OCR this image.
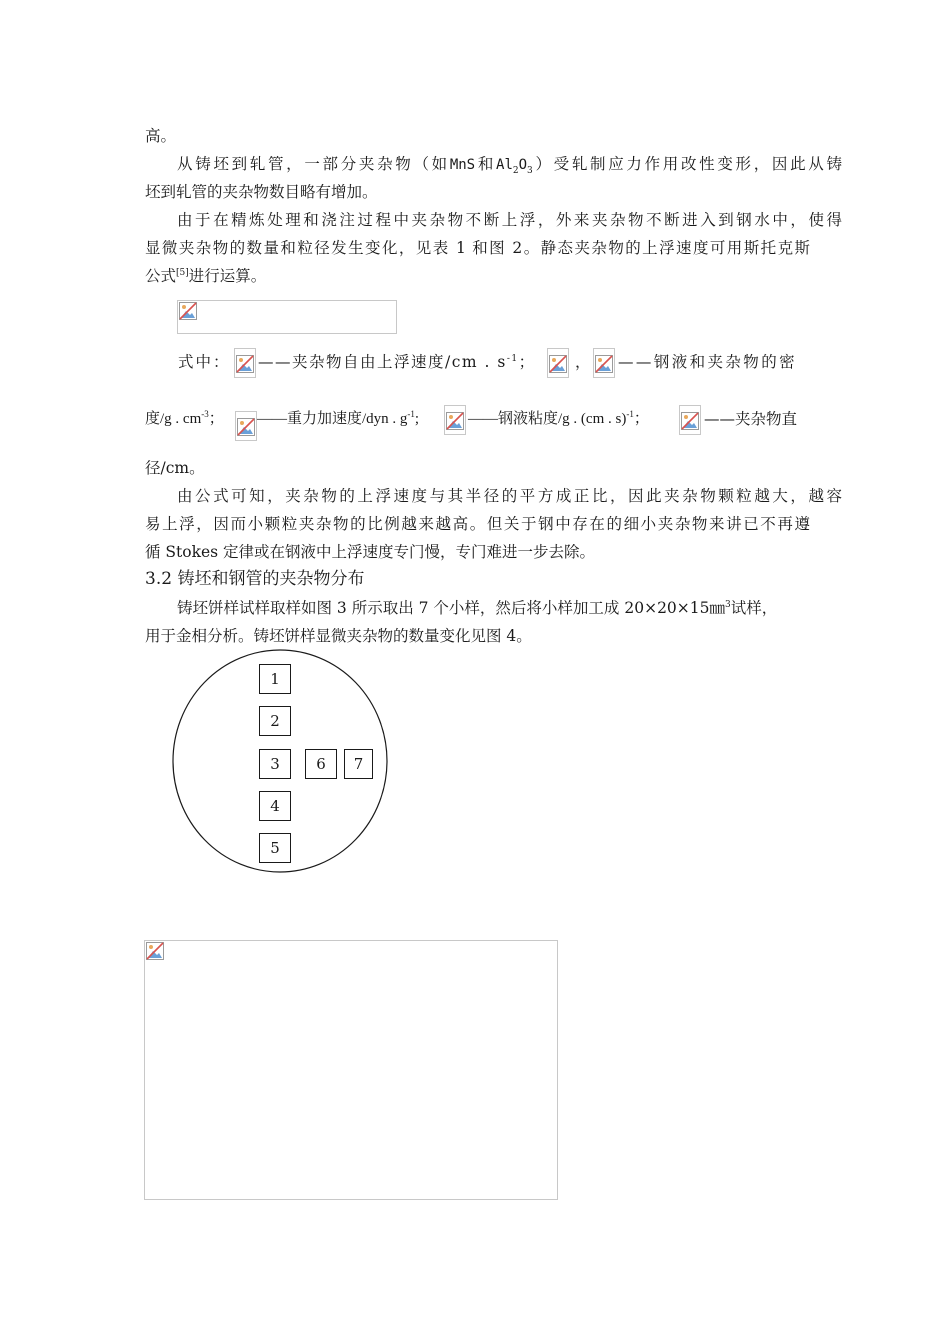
高。
从铸坯到轧管，一部分夹杂物（如MnS和$Al_2O_3$）受轧制应力作用改性变形，因此从铸
坯到轧管的夹杂物数目略有增加。
由于在精炼处理和浇注过程中夹杂物不断上浮，外来夹杂物不断进入到钢水中，使得
显微夹杂物的数量和粒径发生变化，见表 1 和图 2。静态夹杂物的上浮速度可用斯托克斯
公式[5]进行运算。
式中： ——夹杂物自由上浮速度/cm . $s^{-1}$；	， ——钢液和夹杂物的密
度/g . $cm^{-3}$； ——重力加速度/dyn . $g^{-1}$;	——钢液粘度/g . (cm . s)$^{-1}$；	——夹杂物直
径/cm。
由公式可知，夹杂物的上浮速度与其半径的平方成正比，因此夹杂物颗粒越大，越容
易上浮，因而小颗粒夹杂物的比例越来越高。但关于钢中存在的细小夹杂物来讲已不再遵
循 Stokes 定律或在钢液中上浮速度专门慢，专门难进一步去除。
3.2 铸坯和钢管的夹杂物分布
铸坯饼样试样取样如图 3 所示取出 7 个小样，然后将小样加工成 20×20×15㎜$^3$试样，
用于金相分析。铸坯饼样显微夹杂物的数量变化见图 4。
1
2
3
4
5
6 7
